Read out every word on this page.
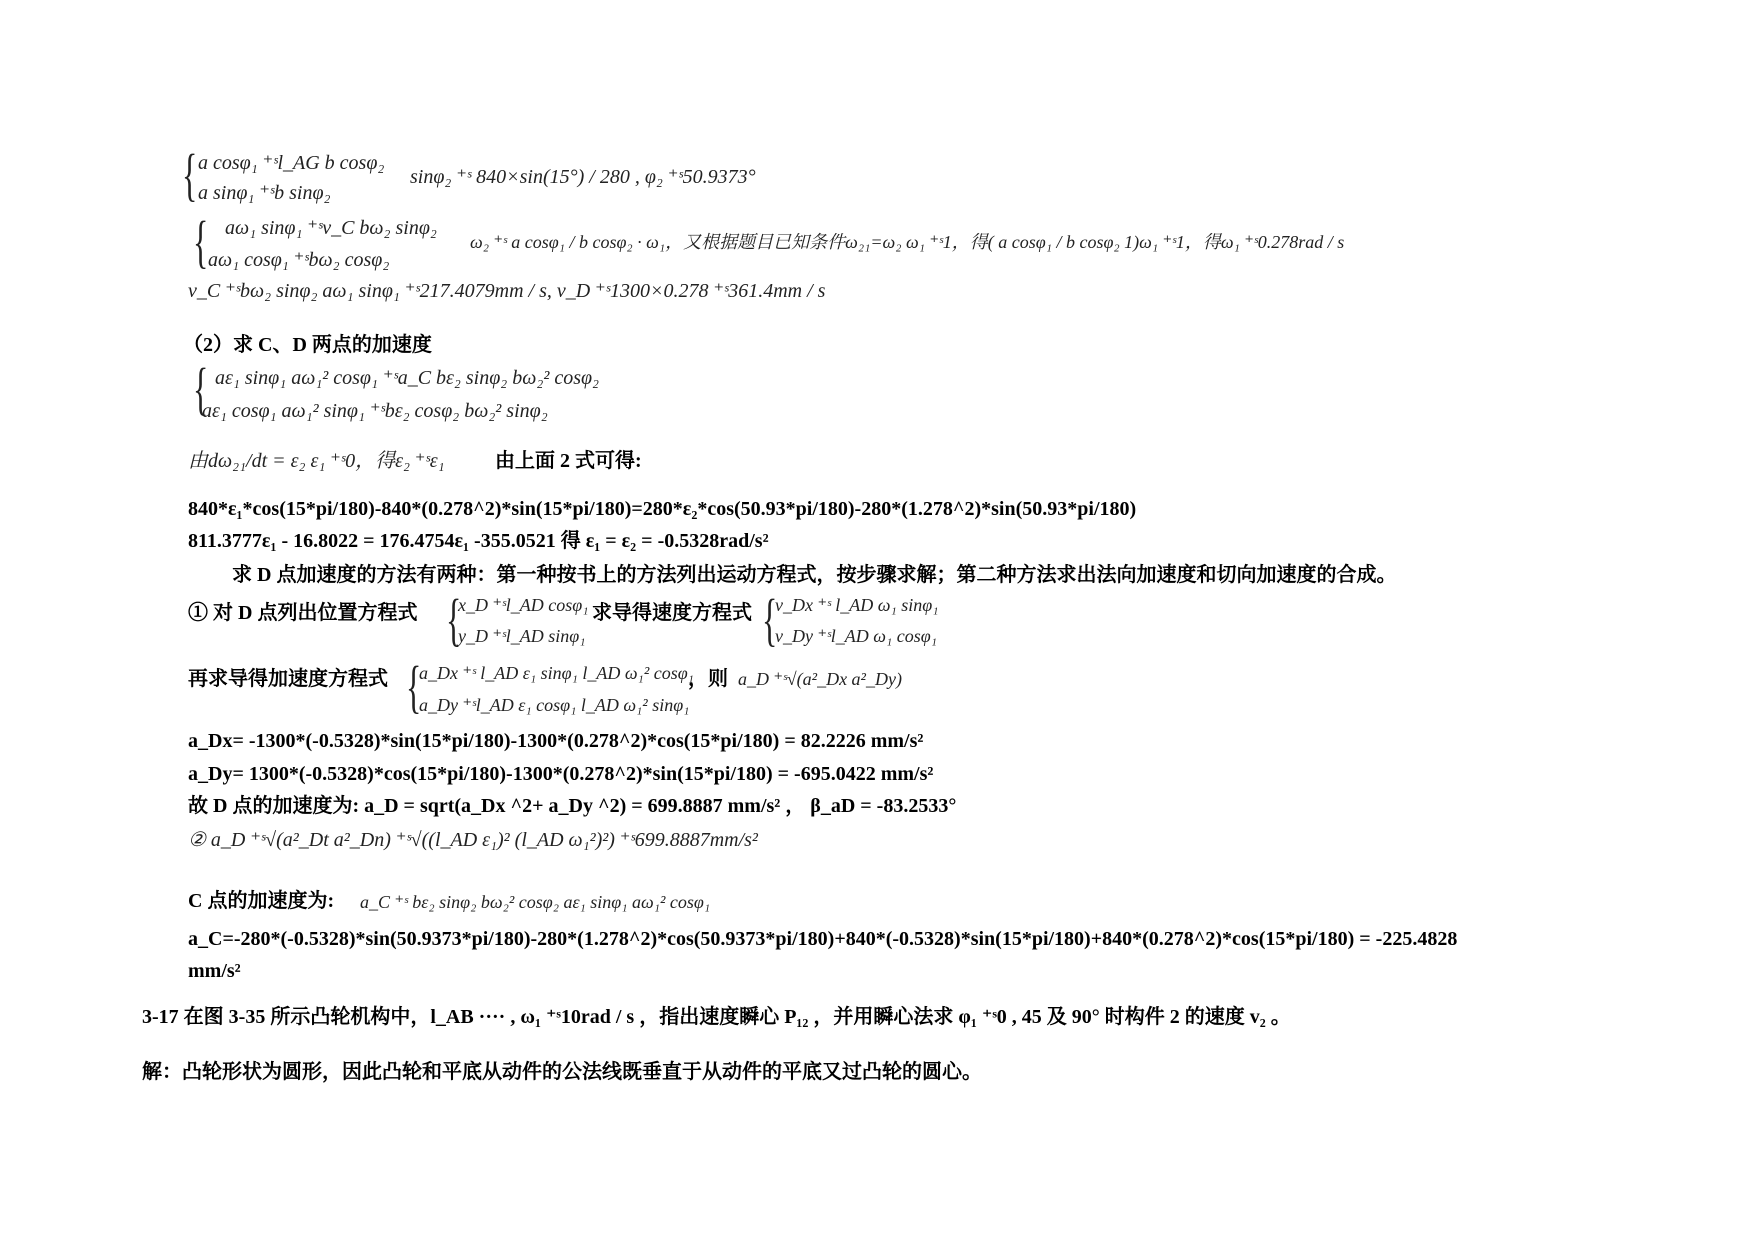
{ a cosφ₁ ⁺ˢl_AG b cosφ₂
a sinφ₁ ⁺ˢb sinφ₂
sinφ₂ ⁺ˢ 840×sin(15°) / 280 , φ₂ ⁺ˢ50.9373°
{ aω₁ sinφ₁ ⁺ˢv_C bω₂ sinφ₂
aω₁ cosφ₁ ⁺ˢbω₂ cosφ₂
ω₂ ⁺ˢ a cosφ₁ / b cosφ₂ · ω₁，又根据题目已知条件ω₂₁=ω₂ ω₁ ⁺ˢ1，得( a cosφ₁ / b cosφ₂ 1)ω₁ ⁺ˢ1，得ω₁ ⁺ˢ0.278rad / s
v_C ⁺ˢbω₂ sinφ₂ aω₁ sinφ₁ ⁺ˢ217.4079mm / s, v_D ⁺ˢ1300×0.278 ⁺ˢ361.4mm / s
（2）求 C、D 两点的加速度
{ aε₁ sinφ₁ aω₁² cosφ₁ ⁺ˢa_C bε₂ sinφ₂ bω₂² cosφ₂
aε₁ cosφ₁ aω₁² sinφ₁ ⁺ˢbε₂ cosφ₂ bω₂² sinφ₂
由dω₂₁/dt = ε₂ ε₁ ⁺ˢ0，得ε₂ ⁺ˢε₁	由上面 2 式可得:
840*ε₁*cos(15*pi/180)-840*(0.278^2)*sin(15*pi/180)=280*ε₂*cos(50.93*pi/180)-280*(1.278^2)*sin(50.93*pi/180)
811.3777ε₁ - 16.8022 = 176.4754ε₁ -355.0521 得 ε₁ = ε₂ = -0.5328rad/s²
求 D 点加速度的方法有两种：第一种按书上的方法列出运动方程式，按步骤求解；第二种方法求出法向加速度和切向加速度的合成。
① 对 D 点列出位置方程式 {
x_D ⁺ˢl_AD cosφ₁
y_D ⁺ˢl_AD sinφ₁
求导得速度方程式 {
v_Dx ⁺ˢ l_AD ω₁ sinφ₁
v_Dy ⁺ˢl_AD ω₁ cosφ₁
再求导得加速度方程式 {
a_Dx ⁺ˢ l_AD ε₁ sinφ₁ l_AD ω₁² cosφ₁
a_Dy ⁺ˢl_AD ε₁ cosφ₁ l_AD ω₁² sinφ₁
，则 a_D ⁺ˢ√(a²_Dx a²_Dy)
a_Dx= -1300*(-0.5328)*sin(15*pi/180)-1300*(0.278^2)*cos(15*pi/180) = 82.2226 mm/s²
a_Dy= 1300*(-0.5328)*cos(15*pi/180)-1300*(0.278^2)*sin(15*pi/180) = -695.0422 mm/s²
故 D 点的加速度为: a_D = sqrt(a_Dx ^2+ a_Dy ^2) = 699.8887 mm/s² ， β_aD = -83.2533°
② a_D ⁺ˢ√(a²_Dt a²_Dn) ⁺ˢ√((l_AD ε₁)² (l_AD ω₁²)²) ⁺ˢ699.8887mm/s²
C 点的加速度为: a_C ⁺ˢ bε₂ sinφ₂ bω₂² cosφ₂ aε₁ sinφ₁ aω₁² cosφ₁
a_C=-280*(-0.5328)*sin(50.9373*pi/180)-280*(1.278^2)*cos(50.9373*pi/180)+840*(-0.5328)*sin(15*pi/180)+840*(0.278^2)*cos(15*pi/180) = -225.4828
mm/s²
3-17 在图 3-35 所示凸轮机构中，l_AB ···· , ω₁ ⁺ˢ10rad / s ，指出速度瞬心 P₁₂ ，并用瞬心法求 φ₁ ⁺ˢ0 , 45 及 90° 时构件 2 的速度 v₂ 。
解：凸轮形状为圆形，因此凸轮和平底从动件的公法线既垂直于从动件的平底又过凸轮的圆心。
